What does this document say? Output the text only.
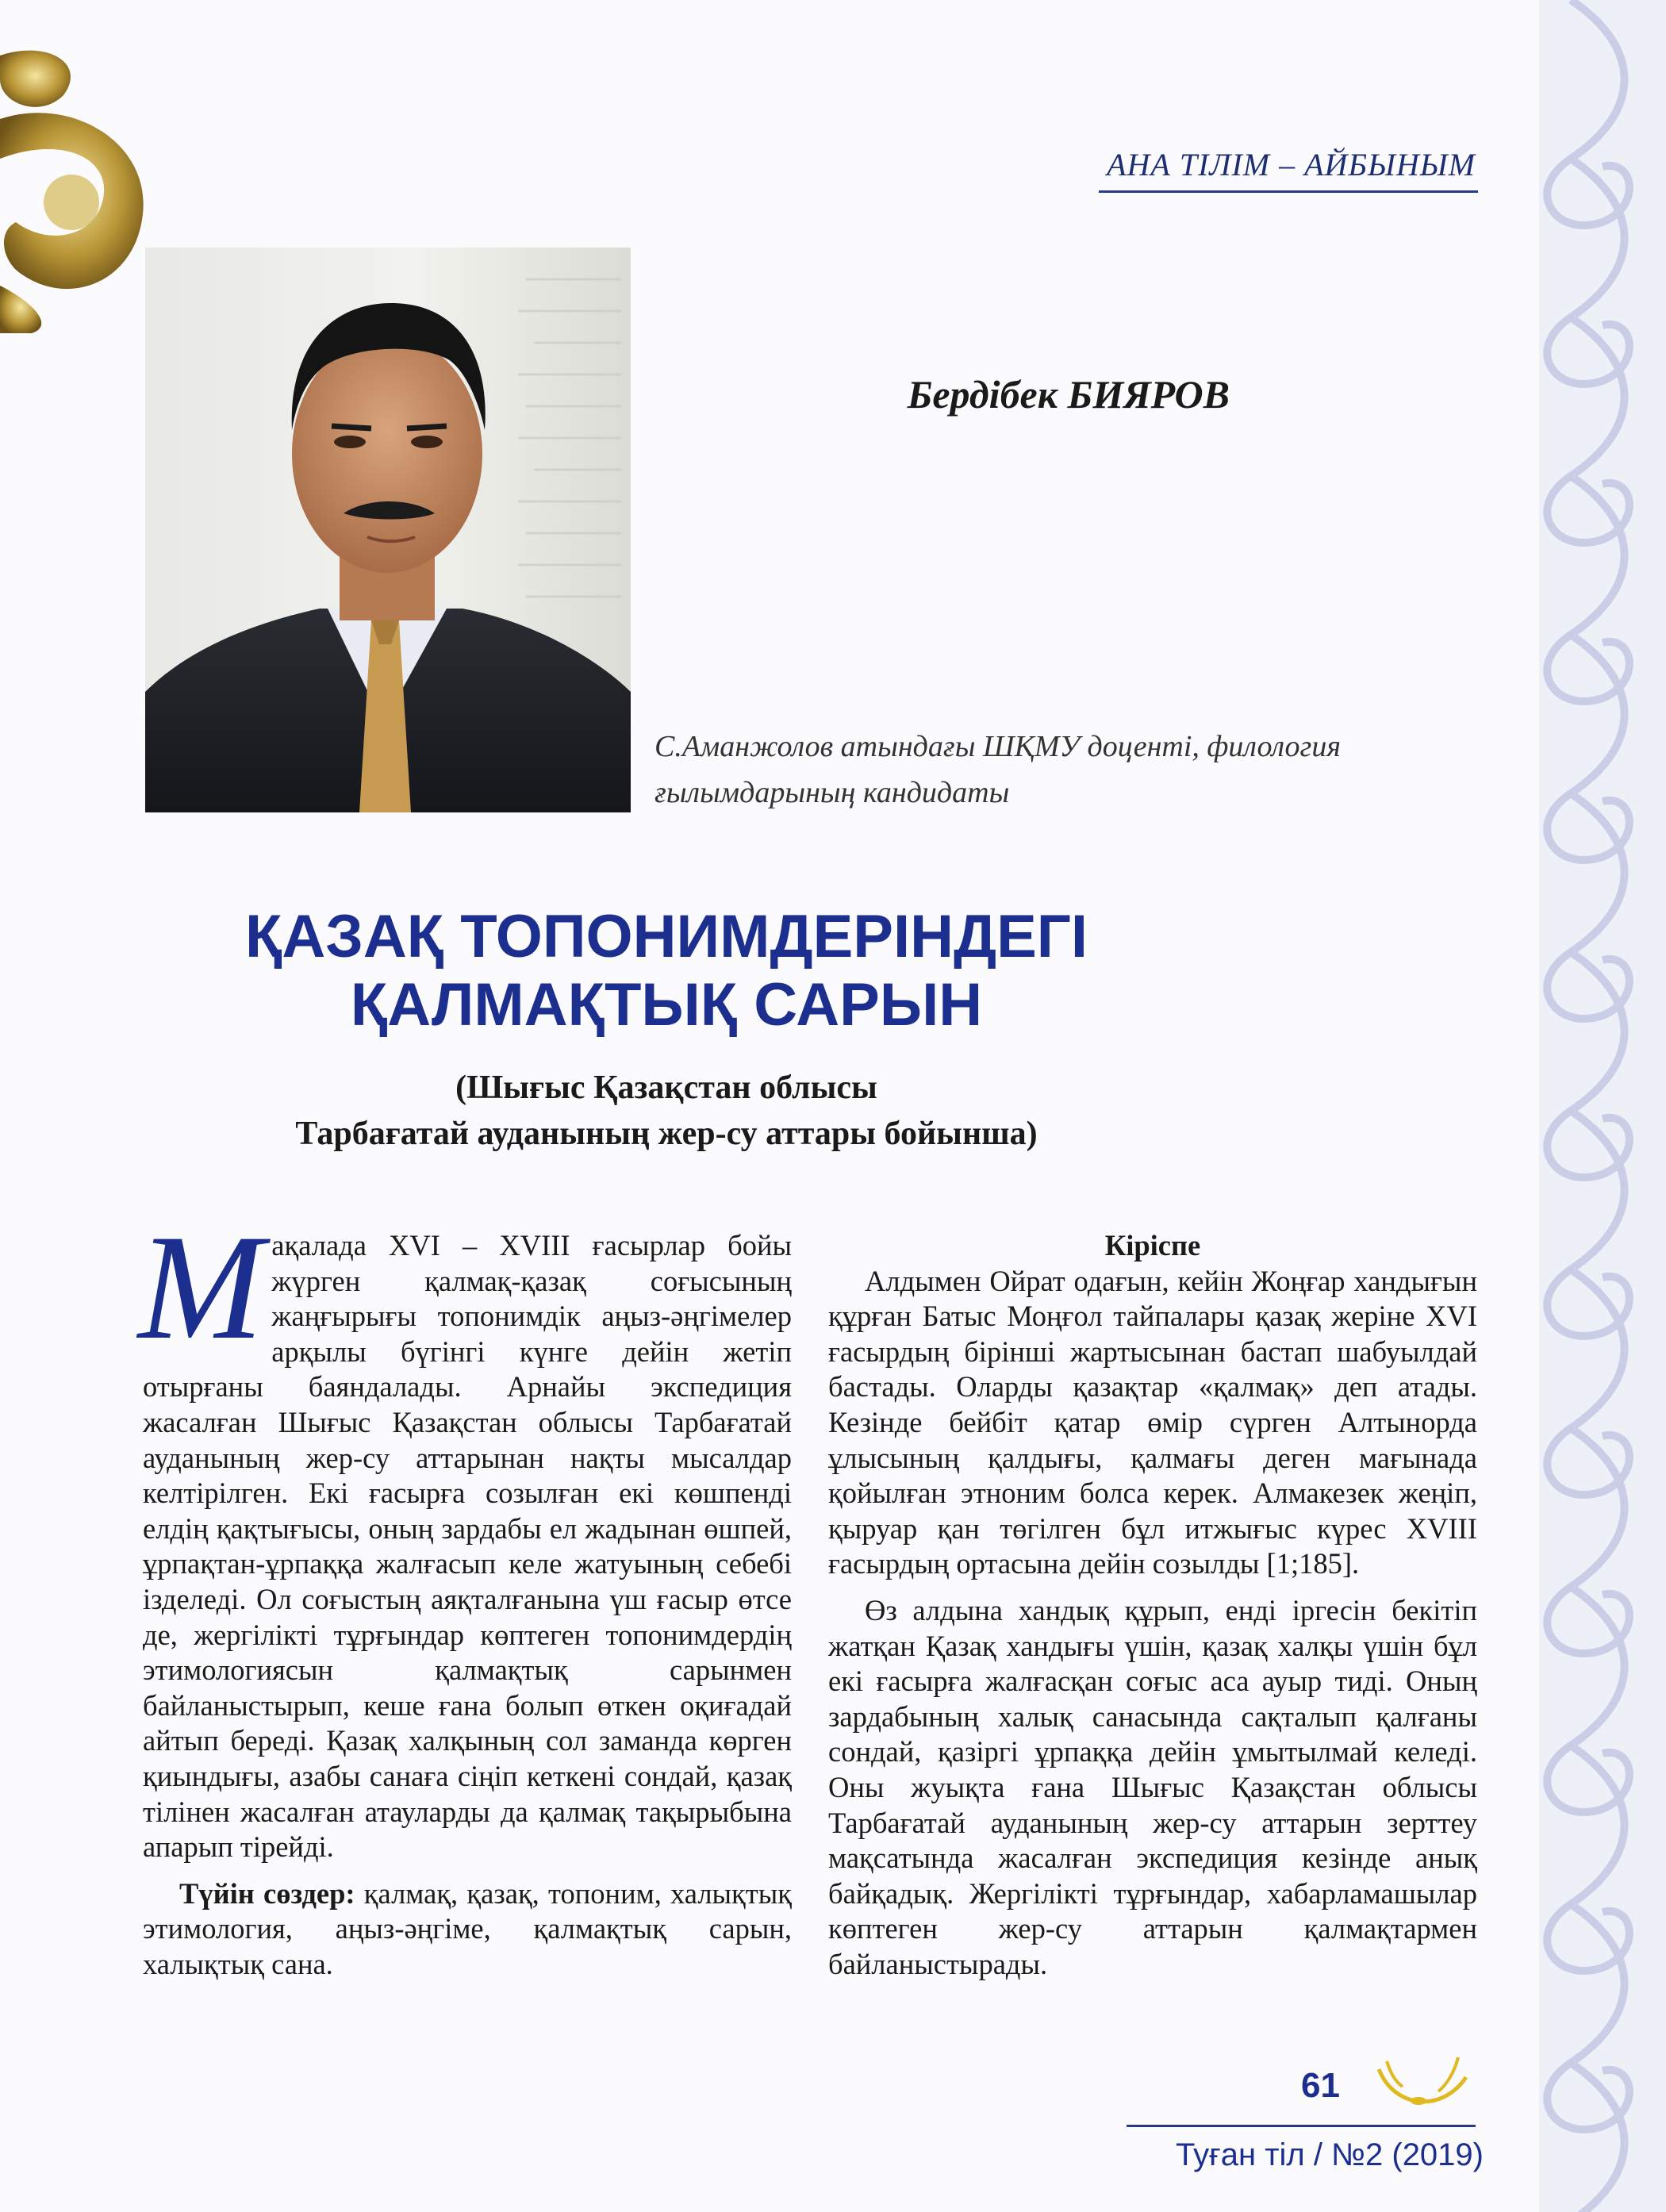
АНА ТІЛІМ – АЙБЫНЫМ
Бердібек БИЯРОВ
С.Аманжолов атындағы ШҚМУ доценті, филология ғылымдарының кандидаты
ҚАЗАҚ ТОПОНИМДЕРІНДЕГІ
ҚАЛМАҚТЫҚ САРЫН
(Шығыс Қазақстан облысы
Тарбағатай ауданының жер-су аттары бойынша)

Мақалада XVI – XVIII ғасырлар бойы жүрген қалмақ-қазақ соғысының жаңғырығы топонимдік аңыз-әңгімелер арқылы бүгінгі күнге дейін жетіп отырғаны баяндалады. Арнайы экспедиция жасалған Шығыс Қазақстан облысы Тарбағатай ауданының жер-су аттарынан нақты мысалдар келтірілген. Екі ғасырға созылған екі көшпенді елдің қақтығысы, оның зардабы ел жадынан өшпей, ұрпақтан-ұрпаққа жалғасып келе жатуының себебі ізделеді. Ол соғыстың аяқталғанына үш ғасыр өтсе де, жергілікті тұрғындар көптеген топонимдердің этимологиясын қалмақтық сарынмен байланыстырып, кеше ғана болып өткен оқиғадай айтып береді. Қазақ халқының сол заманда көрген қиындығы, азабы санаға сіңіп кеткені сондай, қазақ тілінен жасалған атауларды да қалмақ тақырыбына апарып тірейді.

Түйін сөздер: қалмақ, қазақ, топоним, халықтық этимология, аңыз-әңгіме, қалмақтық сарын, халықтық сана.

Кіріспе

Алдымен Ойрат одағын, кейін Жоңғар хандығын құрған Батыс Моңғол тайпалары қазақ жеріне XVI ғасырдың бірінші жартысынан бастап шабуылдай бастады. Оларды қазақтар «қалмақ» деп атады. Кезінде бейбіт қатар өмір сүрген Алтынорда ұлысының қалдығы, қалмағы деген мағынада қойылған этноним болса керек. Алмакезек жеңіп, қыруар қан төгілген бұл итжығыс күрес XVIII ғасырдың ортасына дейін созылды [1;185].

Өз алдына хандық құрып, енді іргесін бекітіп жатқан Қазақ хандығы үшін, қазақ халқы үшін бұл екі ғасырға жалғасқан соғыс аса ауыр тиді. Оның зардабының халық санасында сақталып қалғаны сондай, қазіргі ұрпаққа дейін ұмытылмай келеді. Оны жуықта ғана Шығыс Қазақстан облысы Тарбағатай ауданының жер-су аттарын зерттеу мақсатында жасалған экспедиция кезінде анық байқадық. Жергілікті тұрғындар, хабарламашылар көптеген жер-су аттарын қалмақтармен байланыстырады.

61
Туған тіл / №2 (2019)
